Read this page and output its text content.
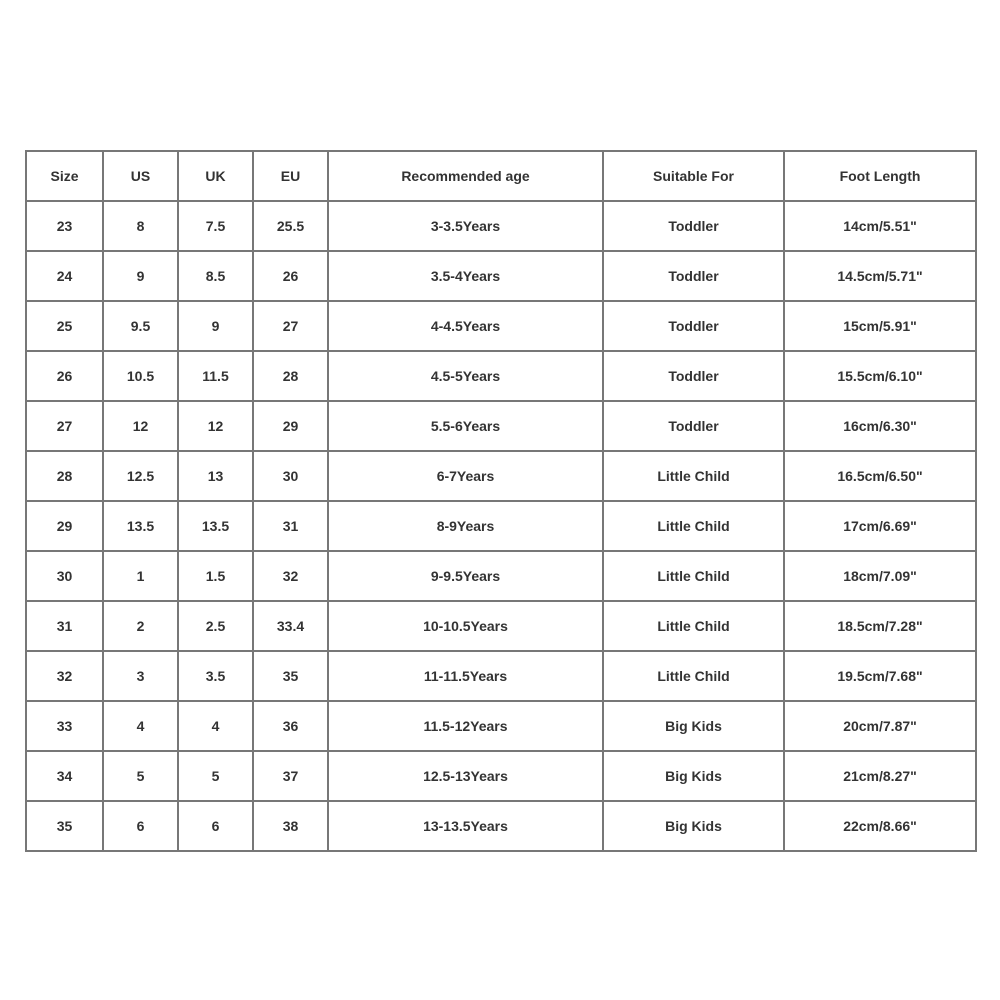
Size	US	UK	EU	Recommended age	Suitable For	Foot Length
23	8	7.5	25.5	3-3.5Years	Toddler	14cm/5.51"
24	9	8.5	26	3.5-4Years	Toddler	14.5cm/5.71"
25	9.5	9	27	4-4.5Years	Toddler	15cm/5.91"
26	10.5	11.5	28	4.5-5Years	Toddler	15.5cm/6.10"
27	12	12	29	5.5-6Years	Toddler	16cm/6.30"
28	12.5	13	30	6-7Years	Little Child	16.5cm/6.50"
29	13.5	13.5	31	8-9Years	Little Child	17cm/6.69"
30	1	1.5	32	9-9.5Years	Little Child	18cm/7.09"
31	2	2.5	33.4	10-10.5Years	Little Child	18.5cm/7.28"
32	3	3.5	35	11-11.5Years	Little Child	19.5cm/7.68"
33	4	4	36	11.5-12Years	Big Kids	20cm/7.87"
34	5	5	37	12.5-13Years	Big Kids	21cm/8.27"
35	6	6	38	13-13.5Years	Big Kids	22cm/8.66"
